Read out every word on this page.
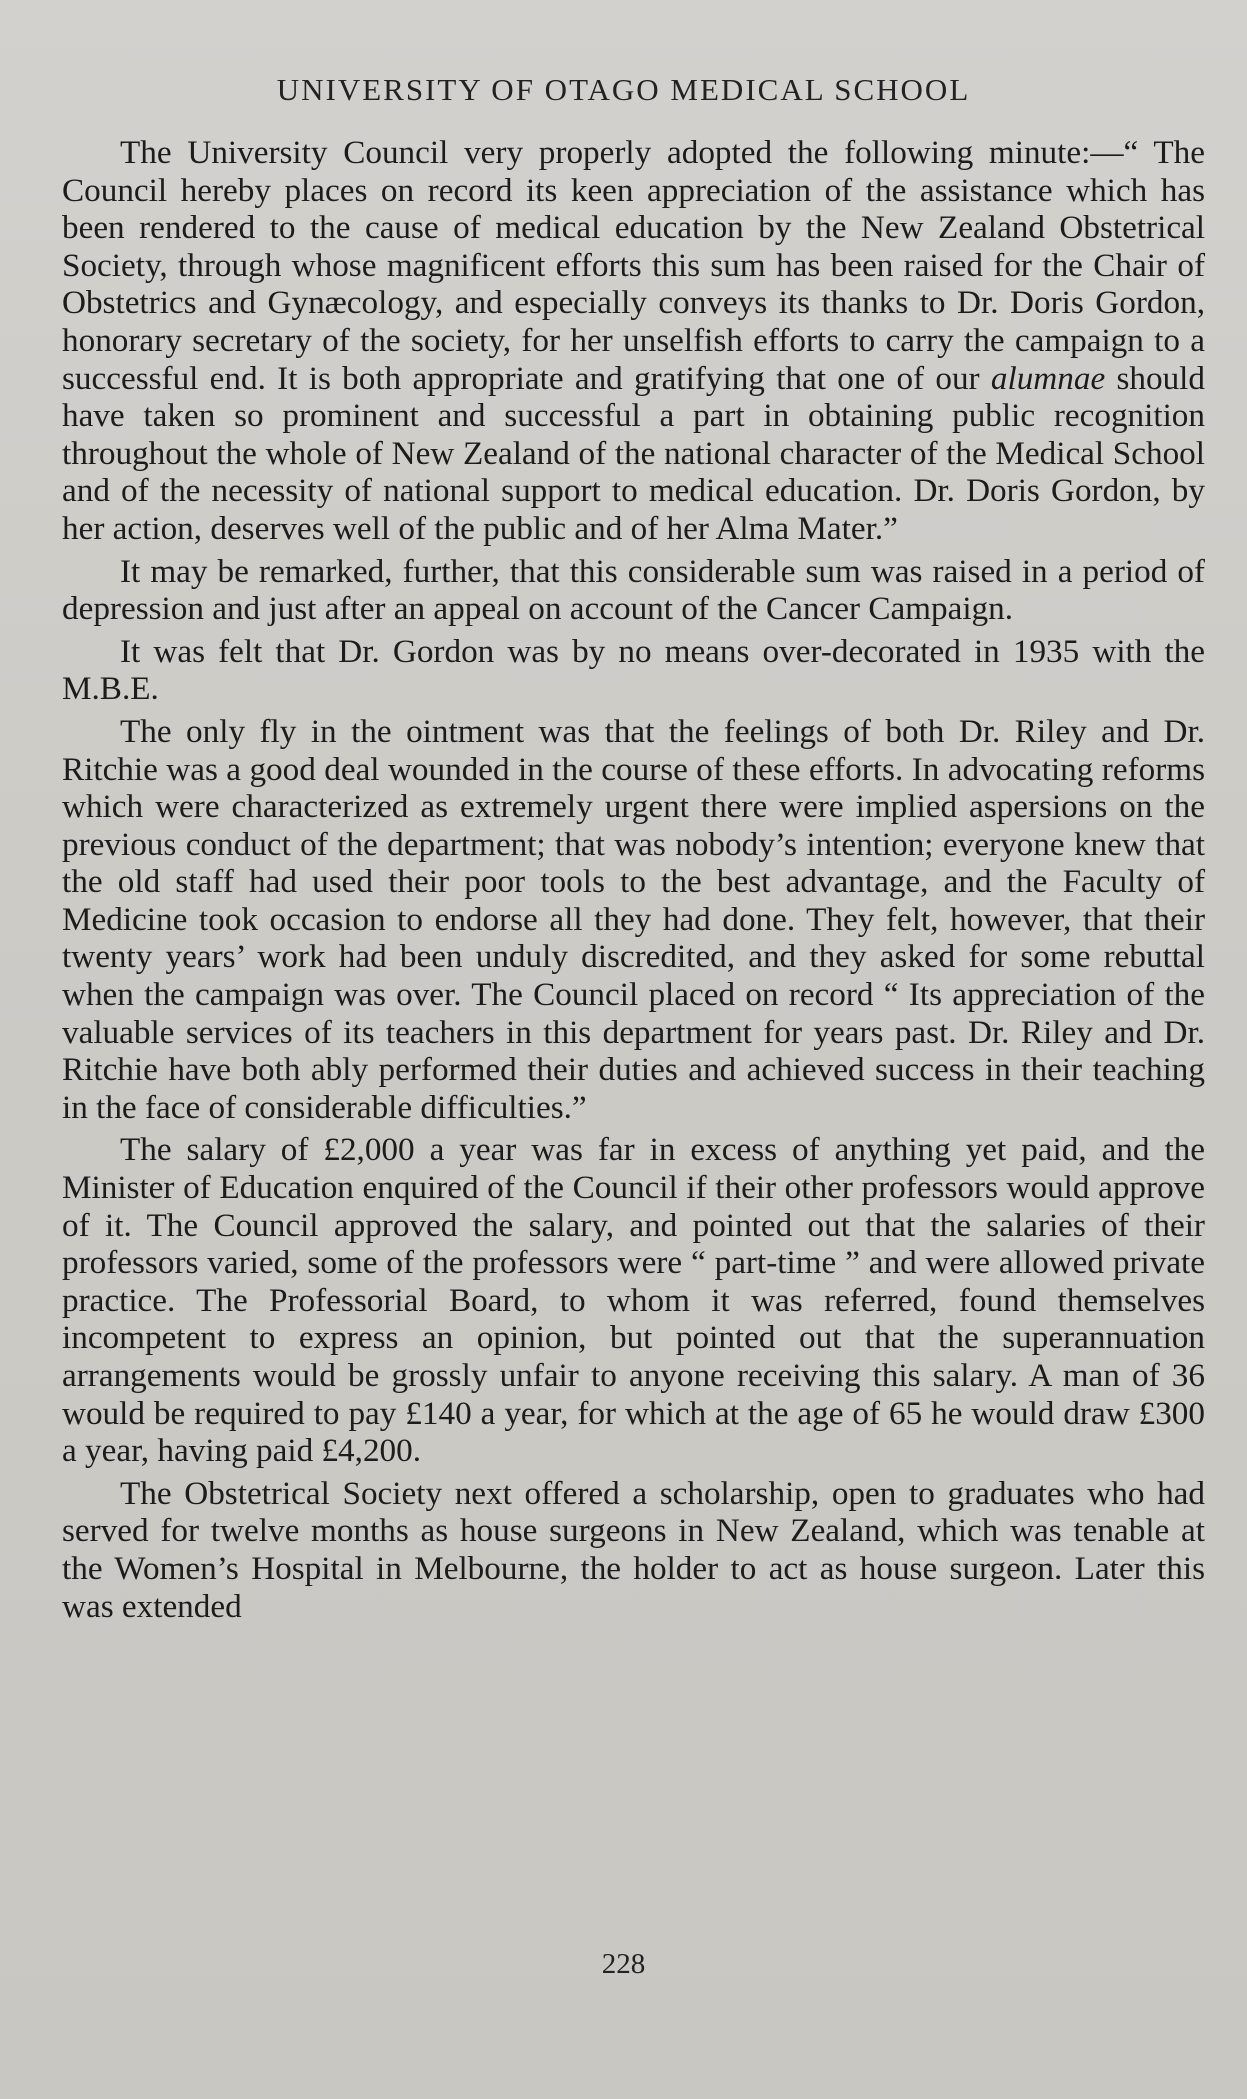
UNIVERSITY OF OTAGO MEDICAL SCHOOL

The University Council very properly adopted the following minute:—“ The Council hereby places on record its keen appreciation of the assistance which has been rendered to the cause of medical education by the New Zealand Obstetrical Society, through whose magnificent efforts this sum has been raised for the Chair of Obstetrics and Gynæcology, and especially conveys its thanks to Dr. Doris Gordon, honorary secretary of the society, for her unselfish efforts to carry the campaign to a successful end. It is both appropriate and gratifying that one of our alumnae should have taken so prominent and successful a part in obtaining public recognition throughout the whole of New Zealand of the national character of the Medical School and of the necessity of national support to medical education. Dr. Doris Gordon, by her action, deserves well of the public and of her Alma Mater.”

It may be remarked, further, that this considerable sum was raised in a period of depression and just after an appeal on account of the Cancer Campaign.

It was felt that Dr. Gordon was by no means over-decorated in 1935 with the M.B.E.

The only fly in the ointment was that the feelings of both Dr. Riley and Dr. Ritchie was a good deal wounded in the course of these efforts. In advocating reforms which were characterized as extremely urgent there were implied aspersions on the previous conduct of the department; that was nobody’s intention; everyone knew that the old staff had used their poor tools to the best advantage, and the Faculty of Medicine took occasion to endorse all they had done. They felt, however, that their twenty years’ work had been unduly discredited, and they asked for some rebuttal when the campaign was over. The Council placed on record “ Its appreciation of the valuable services of its teachers in this department for years past. Dr. Riley and Dr. Ritchie have both ably performed their duties and achieved success in their teaching in the face of considerable difficulties.”

The salary of £2,000 a year was far in excess of anything yet paid, and the Minister of Education enquired of the Council if their other professors would approve of it. The Council approved the salary, and pointed out that the salaries of their professors varied, some of the professors were “ part-time ” and were allowed private practice. The Professorial Board, to whom it was referred, found themselves incompetent to express an opinion, but pointed out that the superannuation arrangements would be grossly unfair to anyone receiving this salary. A man of 36 would be required to pay £140 a year, for which at the age of 65 he would draw £300 a year, having paid £4,200.

The Obstetrical Society next offered a scholarship, open to graduates who had served for twelve months as house surgeons in New Zealand, which was tenable at the Women’s Hospital in Melbourne, the holder to act as house surgeon. Later this was extended

228
